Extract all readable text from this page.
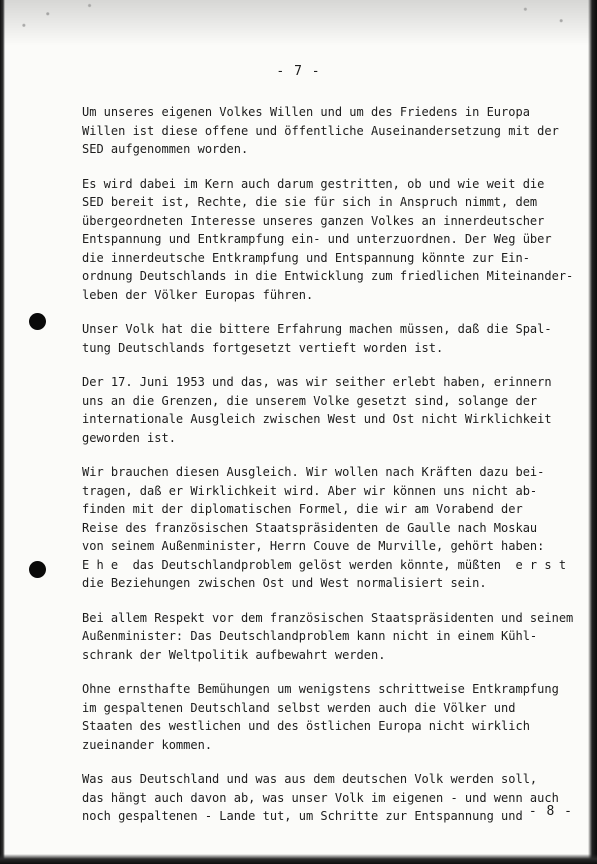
- 7 -

Um unseres eigenen Volkes Willen und um des Friedens in Europa
Willen ist diese offene und öffentliche Auseinandersetzung mit der
SED aufgenommen worden.

Es wird dabei im Kern auch darum gestritten, ob und wie weit die
SED bereit ist, Rechte, die sie für sich in Anspruch nimmt, dem
übergeordneten Interesse unseres ganzen Volkes an innerdeutscher
Entspannung und Entkrampfung ein- und unterzuordnen. Der Weg über
die innerdeutsche Entkrampfung und Entspannung könnte zur Ein-
ordnung Deutschlands in die Entwicklung zum friedlichen Miteinander-
leben der Völker Europas führen.

Unser Volk hat die bittere Erfahrung machen müssen, daß die Spal-
tung Deutschlands fortgesetzt vertieft worden ist.

Der 17. Juni 1953 und das, was wir seither erlebt haben, erinnern
uns an die Grenzen, die unserem Volke gesetzt sind, solange der
internationale Ausgleich zwischen West und Ost nicht Wirklichkeit
geworden ist.

Wir brauchen diesen Ausgleich. Wir wollen nach Kräften dazu bei-
tragen, daß er Wirklichkeit wird. Aber wir können uns nicht ab-
finden mit der diplomatischen Formel, die wir am Vorabend der
Reise des französischen Staatspräsidenten de Gaulle nach Moskau
von seinem Außenminister, Herrn Couve de Murville, gehört haben:
E h e  das Deutschlandproblem gelöst werden könnte, müßten  e r s t
die Beziehungen zwischen Ost und West normalisiert sein.

Bei allem Respekt vor dem französischen Staatspräsidenten und seinem
Außenminister: Das Deutschlandproblem kann nicht in einem Kühl-
schrank der Weltpolitik aufbewahrt werden.

Ohne ernsthafte Bemühungen um wenigstens schrittweise Entkrampfung
im gespaltenen Deutschland selbst werden auch die Völker und
Staaten des westlichen und des östlichen Europa nicht wirklich
zueinander kommen.

Was aus Deutschland und was aus dem deutschen Volk werden soll,
das hängt auch davon ab, was unser Volk im eigenen - und wenn auch
noch gespaltenen - Lande tut, um Schritte zur Entspannung und - 8 -
